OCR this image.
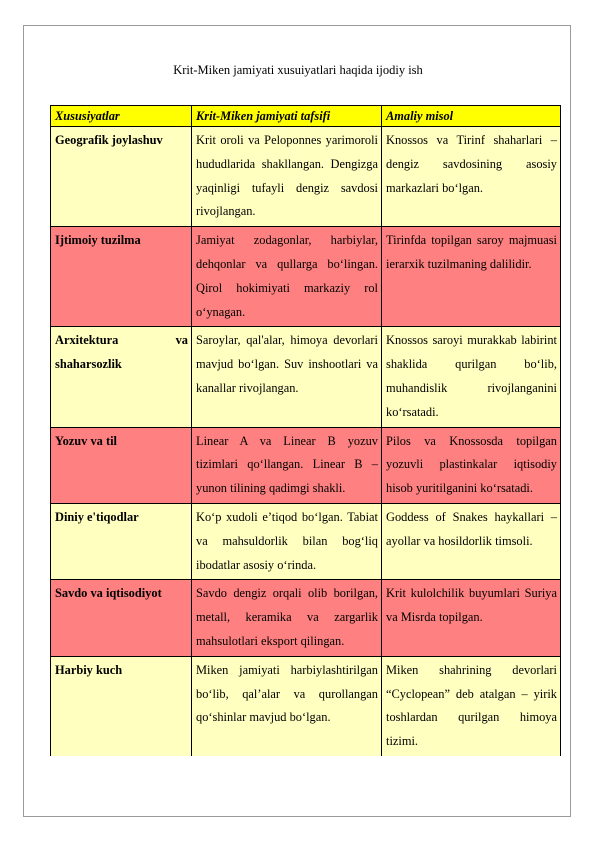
Krit-Miken jamiyati xusuiyatlari haqida ijodiy ish
Xususiyatlar	Krit-Miken jamiyati tafsifi	Amaliy misol
Geografik joylashuv	Krit oroli va Peloponnes yarimoroli hududlarida shakllangan. Dengizga yaqinligi tufayli dengiz savdosi rivojlangan.	Knossos va Tirinf shaharlari – dengiz savdosining asosiy markazlari bo‘lgan.
Ijtimoiy tuzilma	Jamiyat zodagonlar, harbiylar, dehqonlar va qullarga bo‘lingan. Qirol hokimiyati markaziy rol o‘ynagan.	Tirinfda topilgan saroy majmuasi ierarxik tuzilmaning dalilidir.
Arxitektura va shaharsozlik	Saroylar, qal'alar, himoya devorlari mavjud bo‘lgan. Suv inshootlari va kanallar rivojlangan.	Knossos saroyi murakkab labirint shaklida qurilgan bo‘lib, muhandislik rivojlanganini ko‘rsatadi.
Yozuv va til	Linear A va Linear B yozuv tizimlari qo‘llangan. Linear B – yunon tilining qadimgi shakli.	Pilos va Knossosda topilgan yozuvli plastinkalar iqtisodiy hisob yuritilganini ko‘rsatadi.
Diniy e'tiqodlar	Ko‘p xudoli e’tiqod bo‘lgan. Tabiat va mahsuldorlik bilan bog‘liq ibodatlar asosiy o‘rinda.	Goddess of Snakes haykallari – ayollar va hosildorlik timsoli.
Savdo va iqtisodiyot	Savdo dengiz orqali olib borilgan, metall, keramika va zargarlik mahsulotlari eksport qilingan.	Krit kulolchilik buyumlari Suriya va Misrda topilgan.
Harbiy kuch	Miken jamiyati harbiylashtirilgan bo‘lib, qal’alar va qurollangan qo‘shinlar mavjud bo‘lgan.	Miken shahrining devorlari “Cyclopean” deb atalgan – yirik toshlardan qurilgan himoya tizimi.
